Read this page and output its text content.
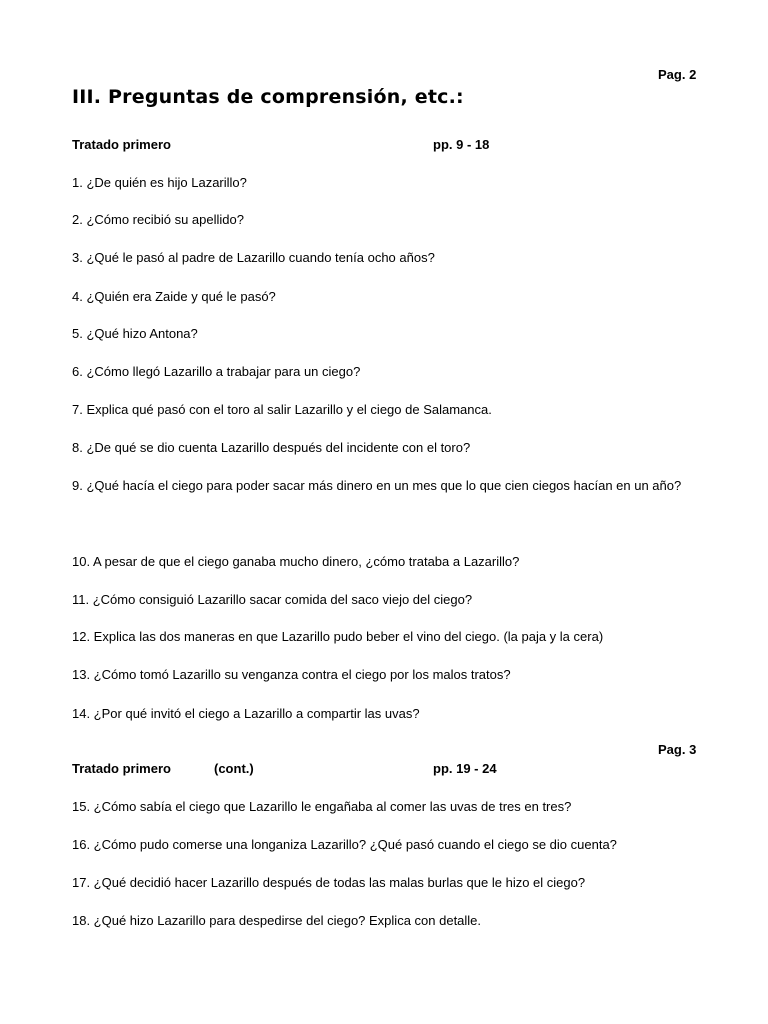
Pag. 2
III. Preguntas de comprensión, etc.:
Tratado primero	pp. 9 - 18
1. ¿De quién es hijo Lazarillo?
2. ¿Cómo recibió su apellido?
3. ¿Qué le pasó al padre de Lazarillo cuando tenía ocho años?
4. ¿Quién era Zaide y qué le pasó?
5. ¿Qué hizo Antona?
6. ¿Cómo llegó Lazarillo a trabajar para un ciego?
7. Explica qué pasó con el toro al salir Lazarillo y el ciego de Salamanca.
8. ¿De qué se dio cuenta Lazarillo después del incidente con el toro?
9. ¿Qué hacía el ciego para poder sacar más dinero en un mes que lo que cien ciegos hacían en un año?
10. A pesar de que el ciego ganaba mucho dinero, ¿cómo trataba a Lazarillo?
11. ¿Cómo consiguió Lazarillo sacar comida del saco viejo del ciego?
12. Explica las dos maneras en que Lazarillo pudo beber el vino del ciego. (la paja y la cera)
13. ¿Cómo tomó Lazarillo su venganza contra el ciego por los malos tratos?
14. ¿Por qué invitó el ciego a Lazarillo a compartir las uvas?
Pag. 3
Tratado primero	(cont.)	pp. 19 - 24
15. ¿Cómo sabía el ciego que Lazarillo le engañaba al comer las uvas de tres en tres?
16. ¿Cómo pudo comerse una longaniza Lazarillo? ¿Qué pasó cuando el ciego se dio cuenta?
17. ¿Qué decidió hacer Lazarillo después de todas las malas burlas que le hizo el ciego?
18. ¿Qué hizo Lazarillo para despedirse del ciego? Explica con detalle.
